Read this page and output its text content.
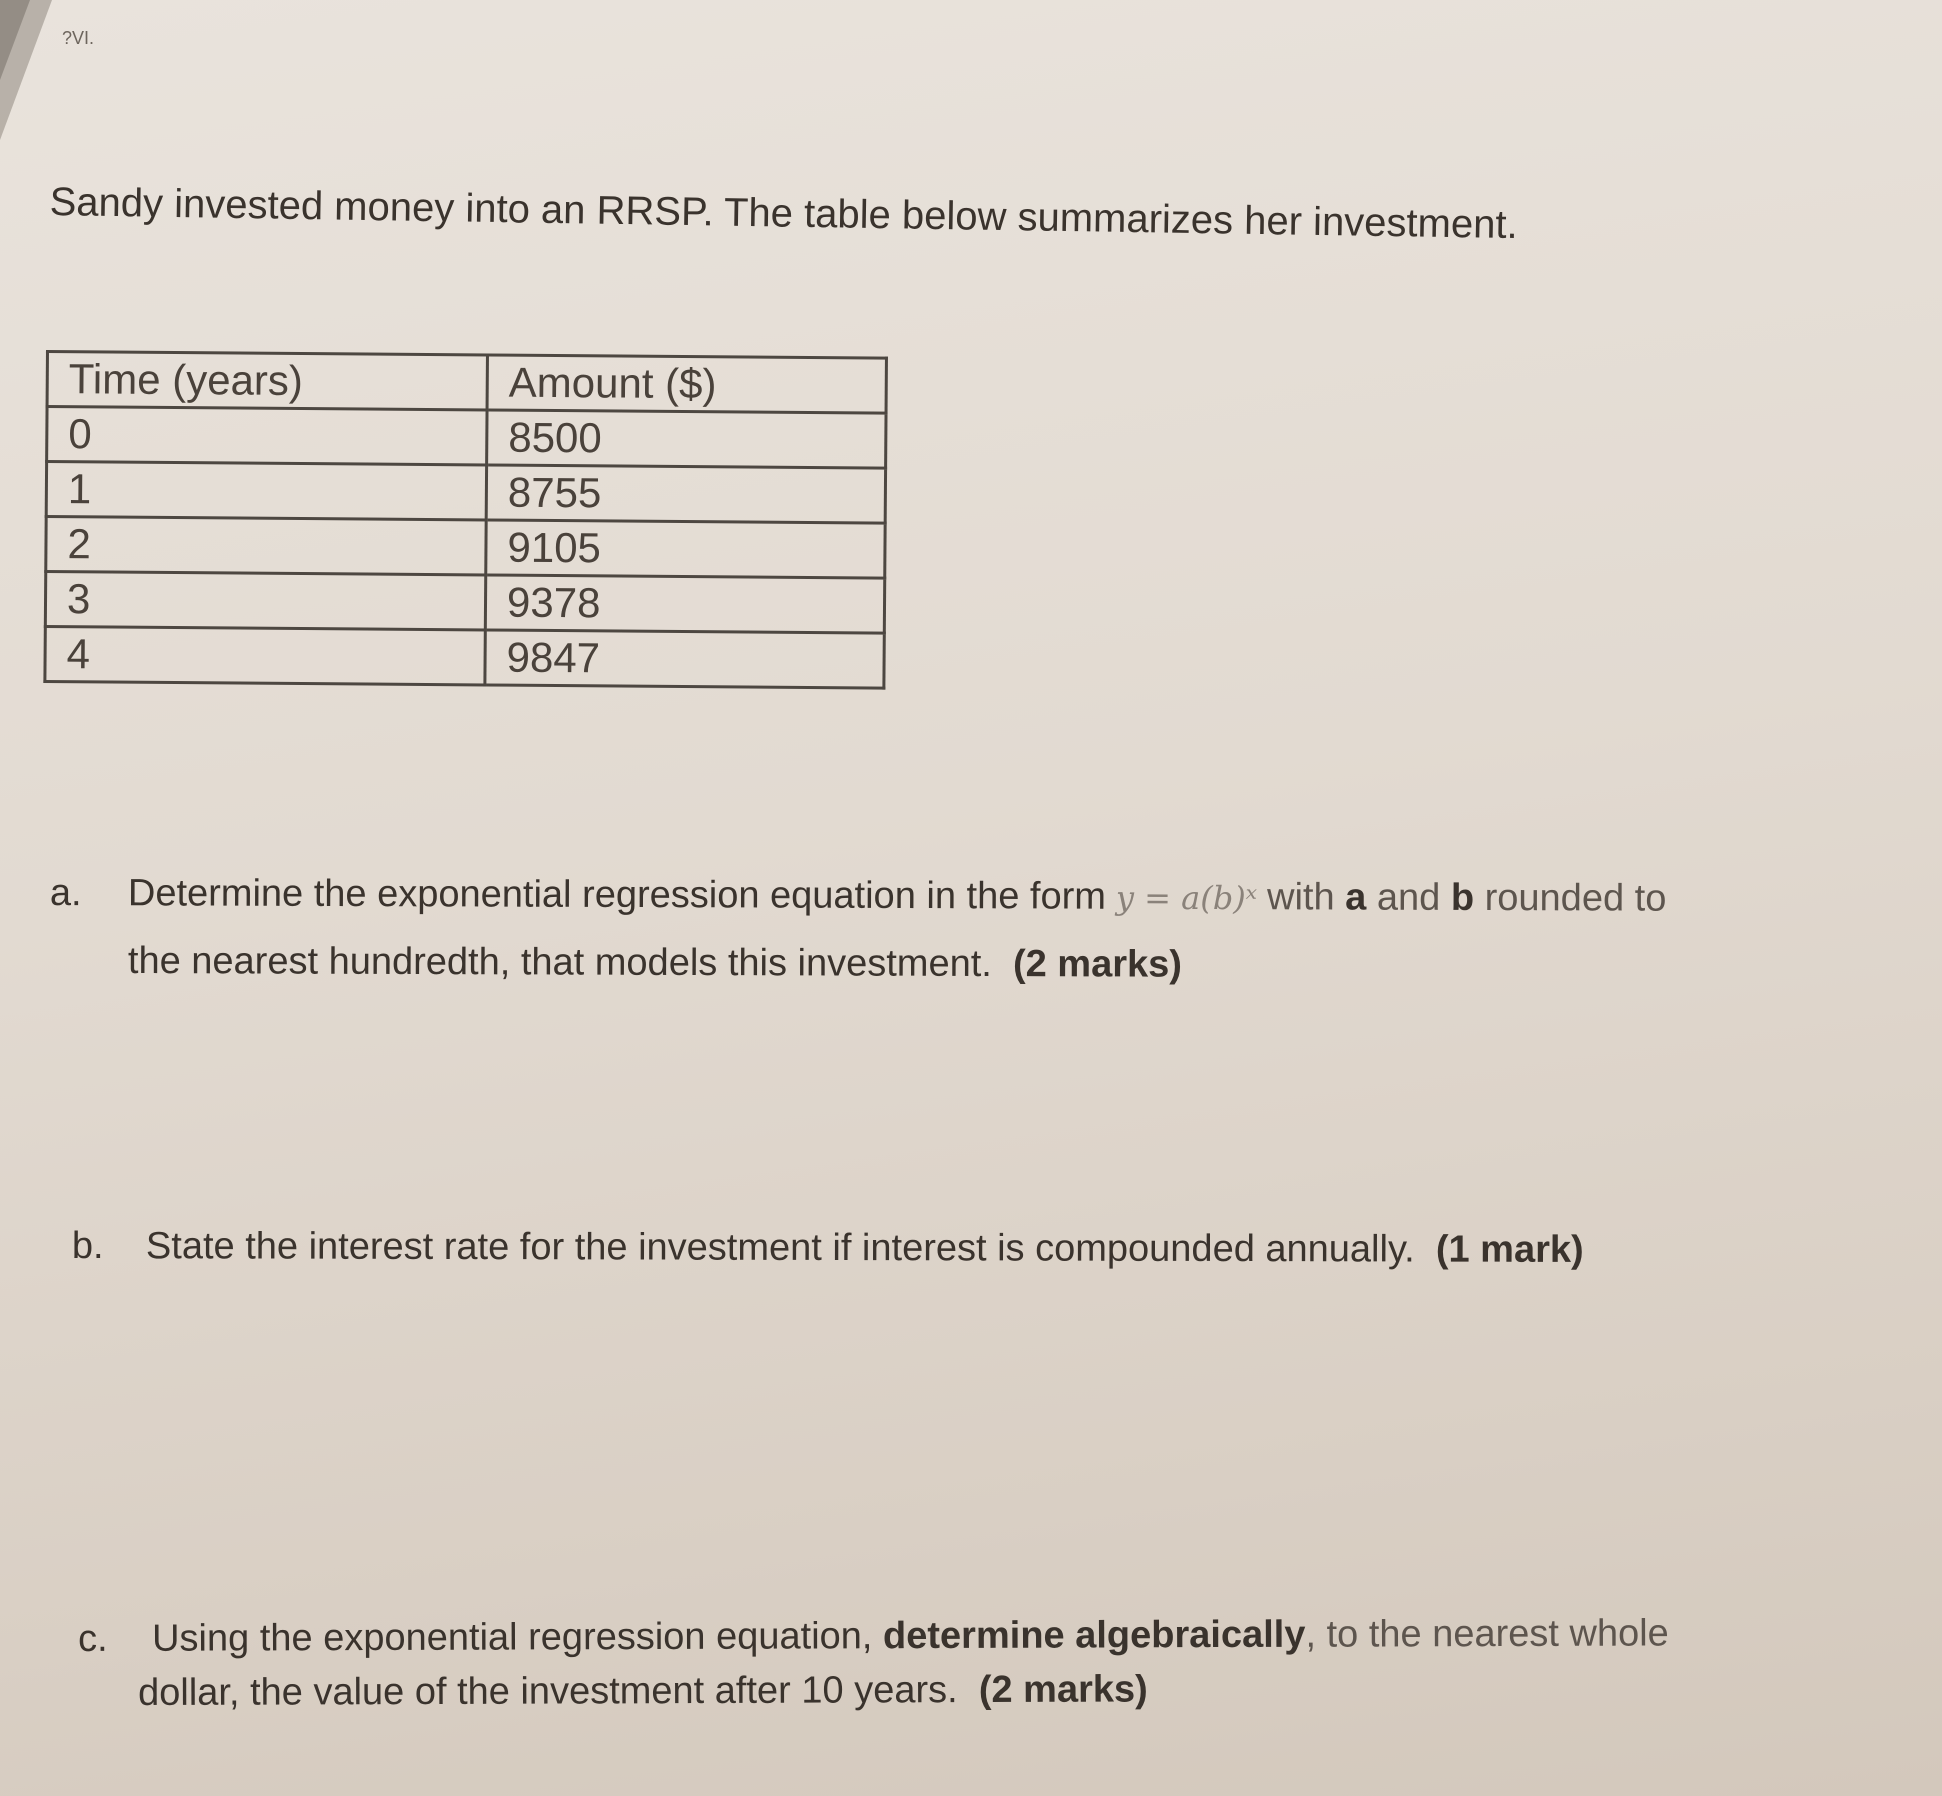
?VI.
Sandy invested money into an RRSP. The table below summarizes her investment.
Time (years)	Amount ($)
0	8500
1	8755
2	9105
3	9378
4	9847
a. Determine the exponential regression equation in the form y = a(b)ˣ with a and b rounded to
the nearest hundredth, that models this investment. (2 marks)
b. State the interest rate for the investment if interest is compounded annually. (1 mark)
c. Using the exponential regression equation, determine algebraically, to the nearest whole
dollar, the value of the investment after 10 years. (2 marks)
